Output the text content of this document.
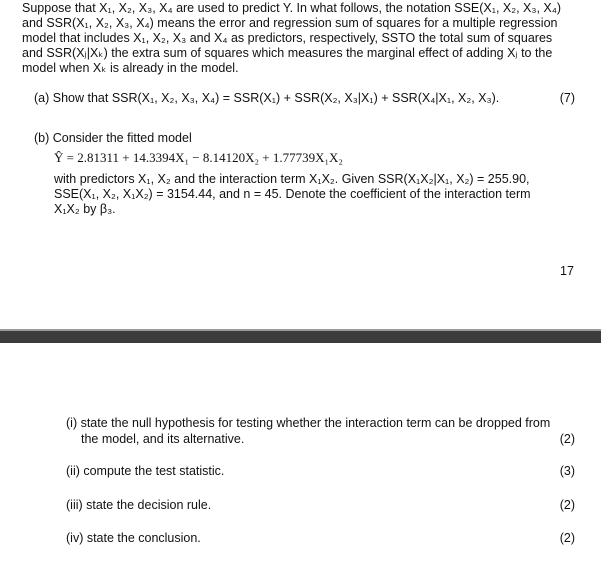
Suppose that X₁, X₂, X₃, X₄ are used to predict Y. In what follows, the notation SSE(X₁, X₂, X₃, X₄)
and SSR(X₁, X₂, X₃, X₄) means the error and regression sum of squares for a multiple regression
model that includes X₁, X₂, X₃ and X₄ as predictors, respectively, SSTO the total sum of squares
and SSR(Xⱼ|Xₖ) the extra sum of squares which measures the marginal effect of adding Xⱼ to the
model when Xₖ is already in the model.
(a) Show that SSR(X₁, X₂, X₃, X₄) = SSR(X₁) + SSR(X₂, X₃|X₁) + SSR(X₄|X₁, X₂, X₃).	(7)
(b) Consider the fitted model
Ŷ = 2.81311 + 14.3394X₁ − 8.14120X₂ + 1.77739X₁X₂
with predictors X₁, X₂ and the interaction term X₁X₂. Given SSR(X₁X₂|X₁, X₂) = 255.90,
SSE(X₁, X₂, X₁X₂) = 3154.44, and n = 45. Denote the coefficient of the interaction term
X₁X₂ by β₃.
17
(i) state the null hypothesis for testing whether the interaction term can be dropped from
the model, and its alternative.	(2)
(ii) compute the test statistic.	(3)
(iii) state the decision rule.	(2)
(iv) state the conclusion.	(2)
